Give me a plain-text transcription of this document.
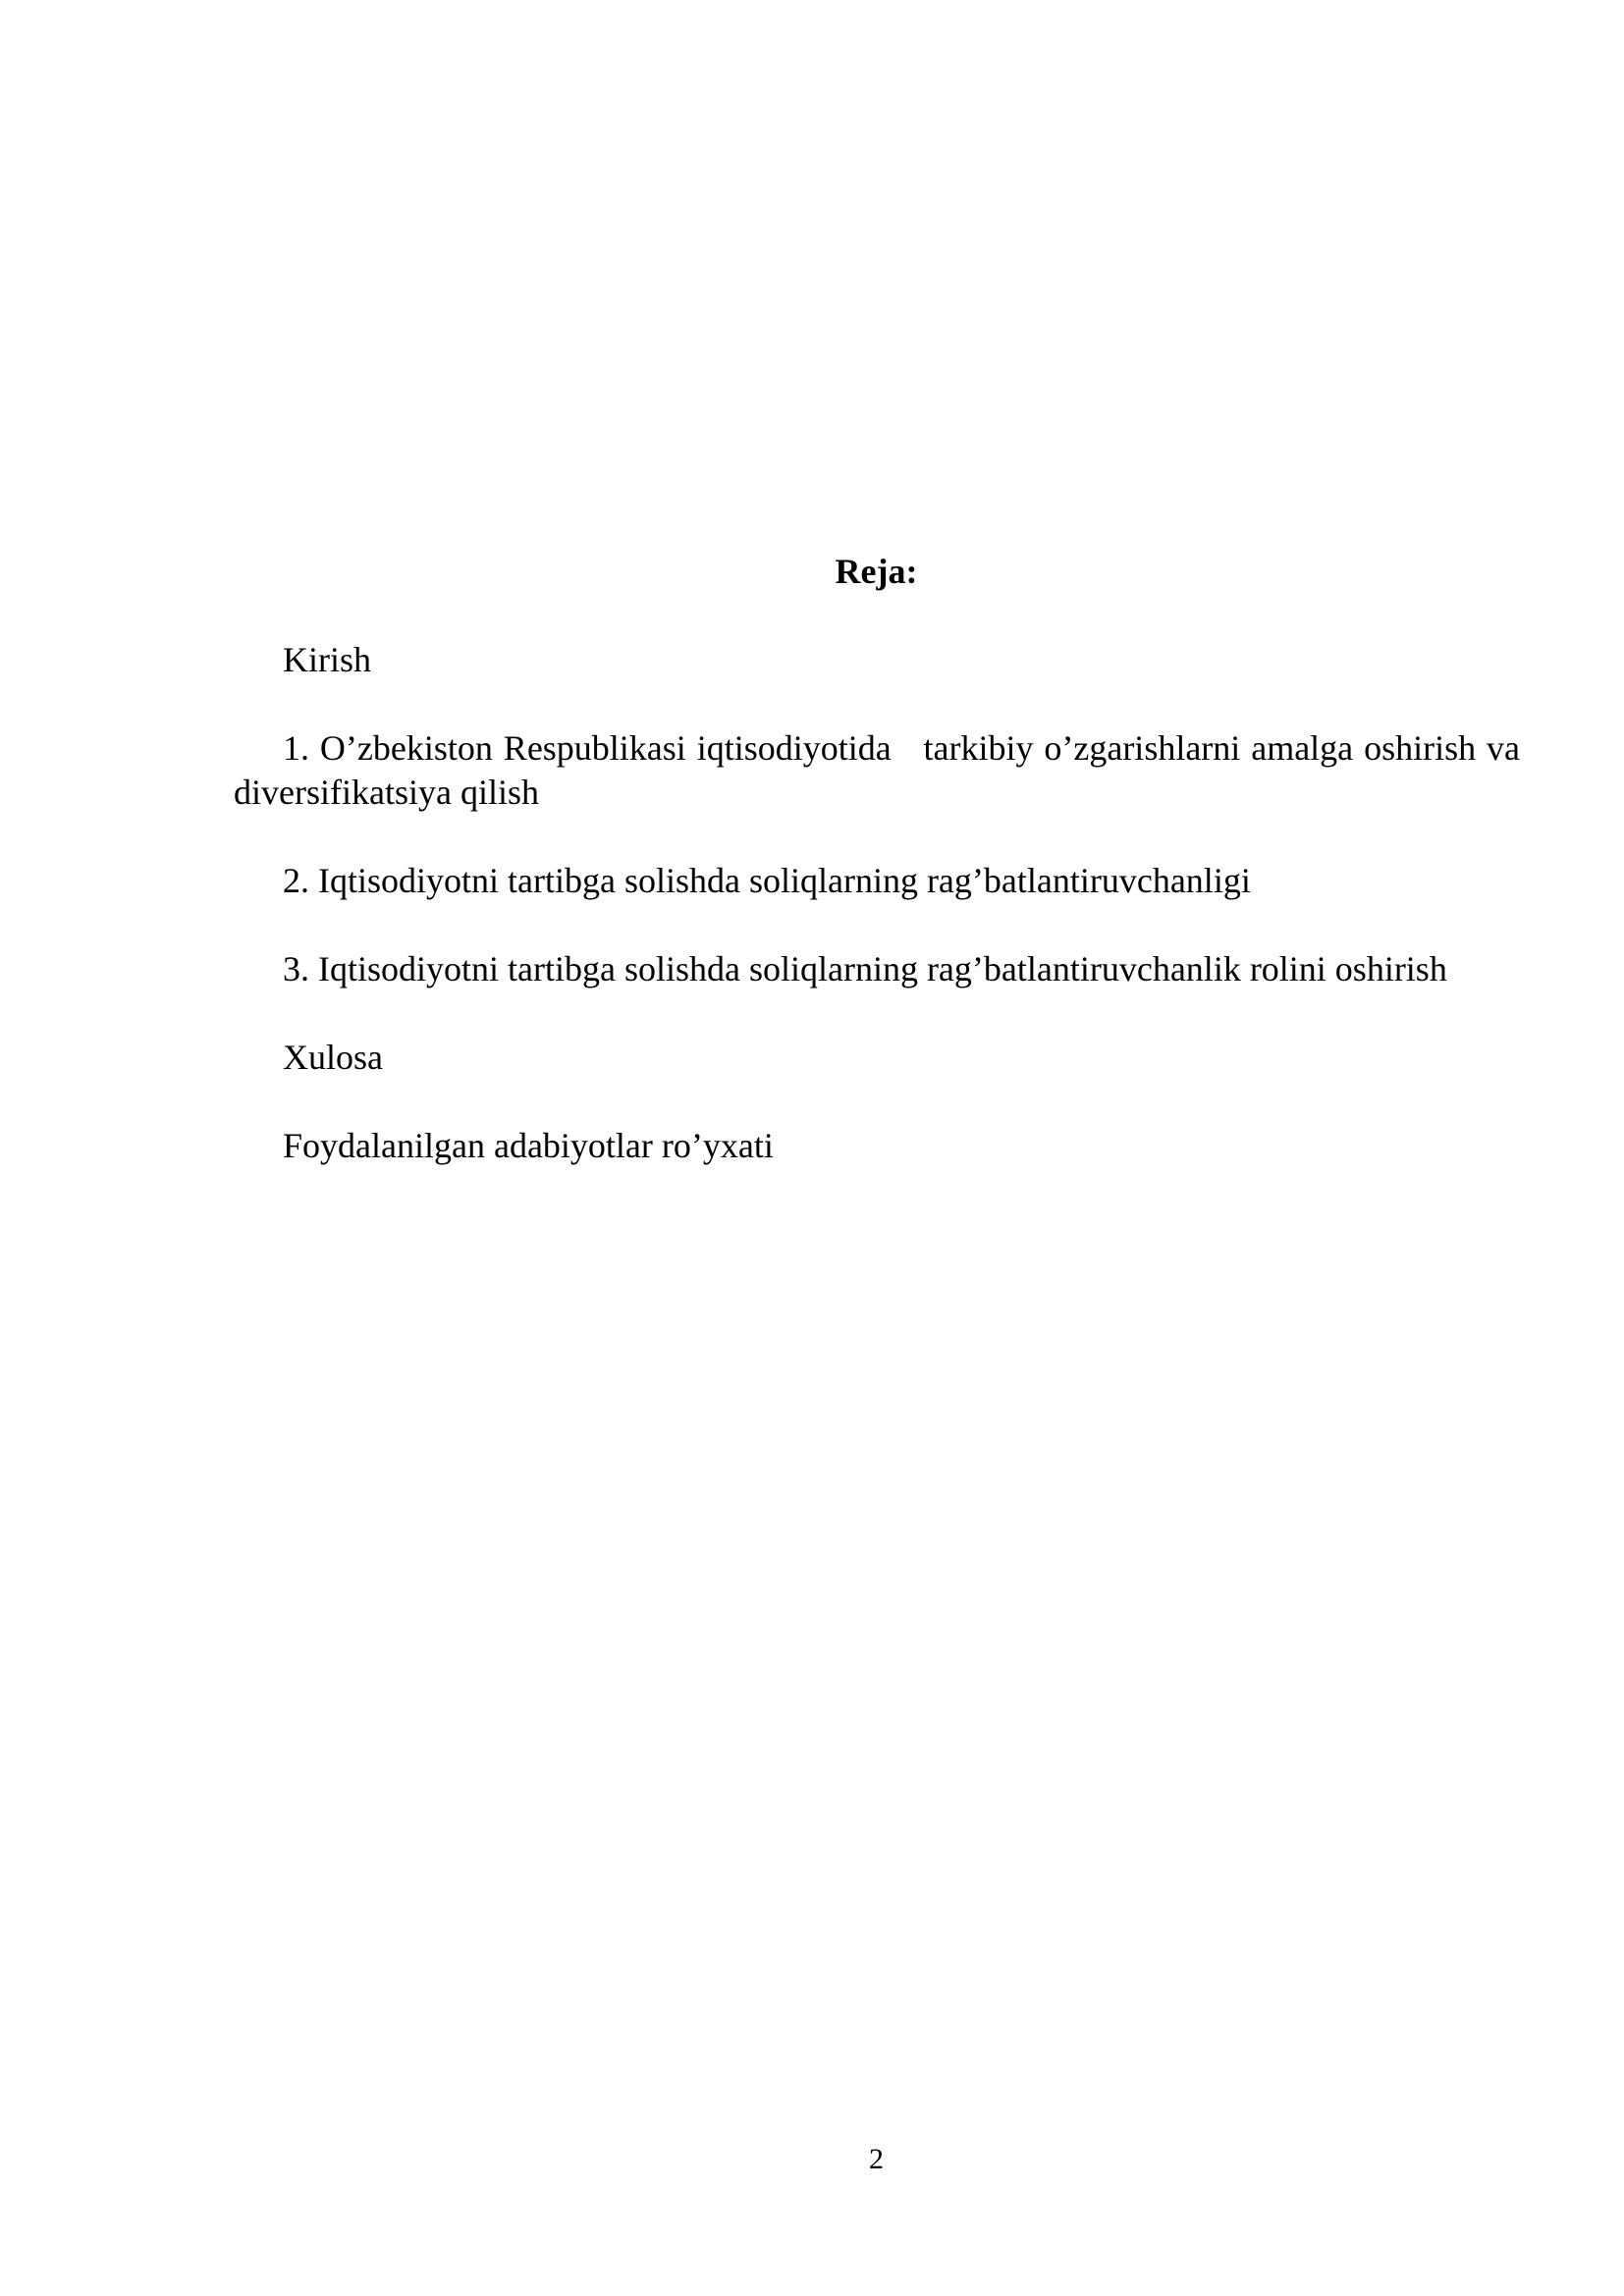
Reja:

Kirish

1. O’zbekiston Respublikasi iqtisodiyotida   tarkibiy o’zgarishlarni amalga oshirish va diversifikatsiya qilish

2. Iqtisodiyotni tartibga solishda soliqlarning rag’batlantiruvchanligi

3. Iqtisodiyotni tartibga solishda soliqlarning rag’batlantiruvchanlik rolini oshirish

Xulosa

Foydalanilgan adabiyotlar ro’yxati

2
